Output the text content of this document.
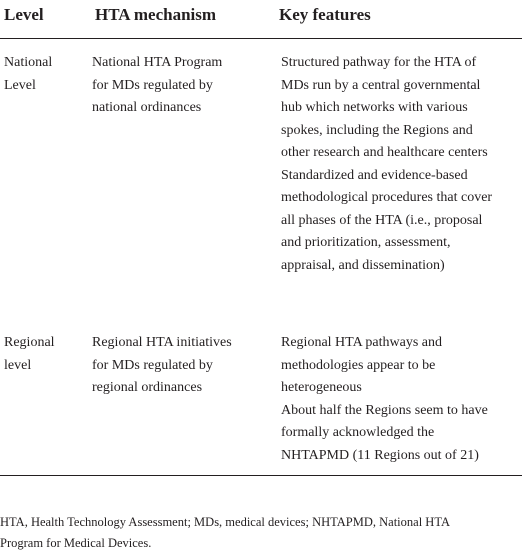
Level	HTA mechanism	Key features
National
Level
National HTA Program
for MDs regulated by
national ordinances
Structured pathway for the HTA of
MDs run by a central governmental
hub which networks with various
spokes, including the Regions and
other research and healthcare centers
Standardized and evidence-based
methodological procedures that cover
all phases of the HTA (i.e., proposal
and prioritization, assessment,
appraisal, and dissemination)
Regional
level
Regional HTA initiatives
for MDs regulated by
regional ordinances
Regional HTA pathways and
methodologies appear to be
heterogeneous
About half the Regions seem to have
formally acknowledged the
NHTAPMD (11 Regions out of 21)
HTA, Health Technology Assessment; MDs, medical devices; NHTAPMD, National HTA
Program for Medical Devices.
